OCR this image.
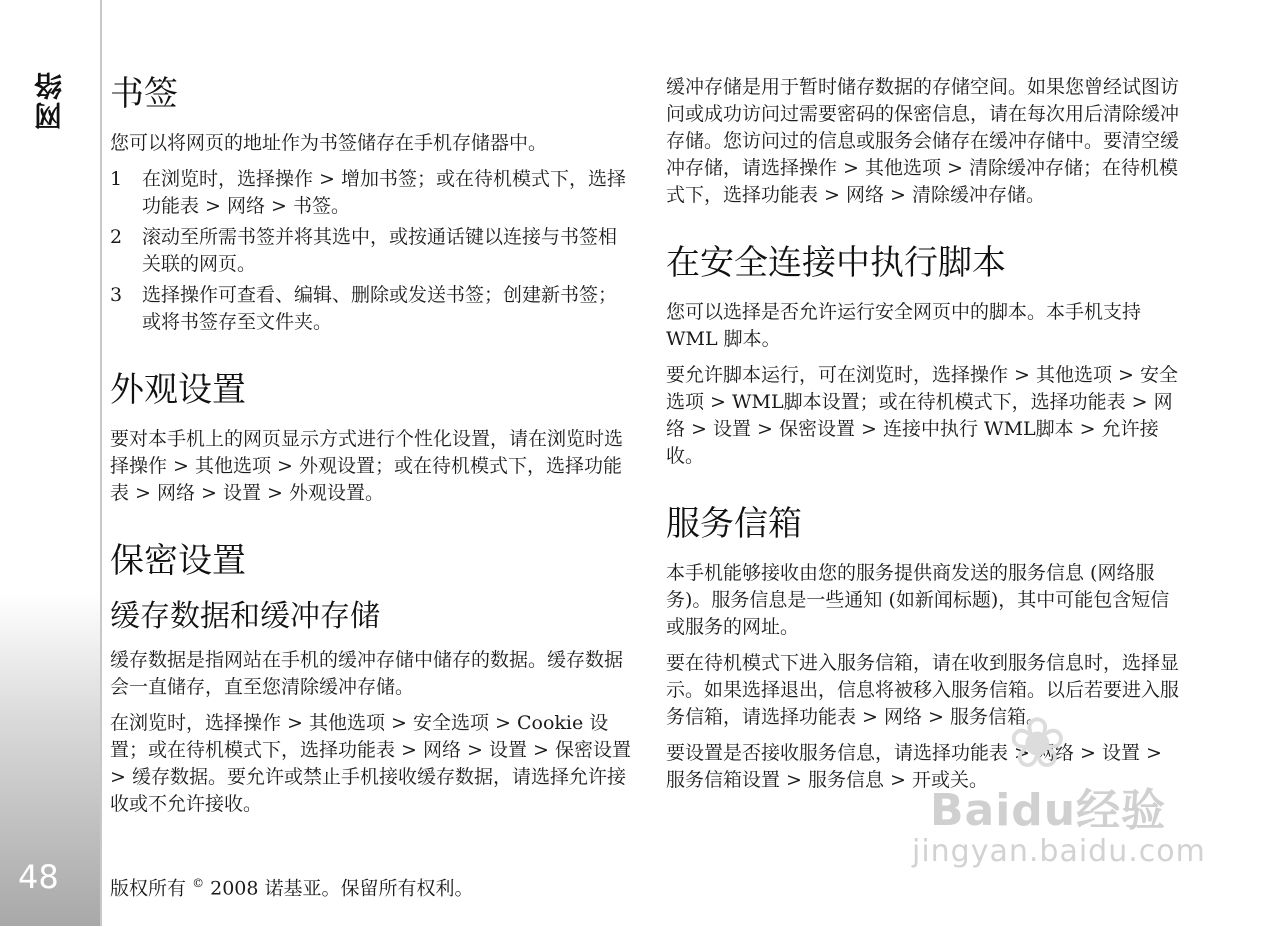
网络
48
书签

您可以将网页的地址作为书签储存在手机存储器中。

1 在浏览时，选择操作 > 增加书签；或在待机模式下，选择功能表 > 网络 > 书签。
2 滚动至所需书签并将其选中，或按通话键以连接与书签相关联的网页。
3 选择操作可查看、编辑、删除或发送书签；创建新书签；或将书签存至文件夹。
外观设置

要对本手机上的网页显示方式进行个性化设置，请在浏览时选择操作 > 其他选项 > 外观设置；或在待机模式下，选择功能表 > 网络 > 设置 > 外观设置。

保密设置
缓存数据和缓冲存储

缓存数据是指网站在手机的缓冲存储中储存的数据。缓存数据会一直储存，直至您清除缓冲存储。

在浏览时，选择操作 > 其他选项 > 安全选项 > Cookie 设置；或在待机模式下，选择功能表 > 网络 > 设置 > 保密设置 > 缓存数据。要允许或禁止手机接收缓存数据，请选择允许接收或不允许接收。

版权所有 © 2008 诺基亚。保留所有权利。

缓冲存储是用于暂时储存数据的存储空间。如果您曾经试图访问或成功访问过需要密码的保密信息，请在每次用后清除缓冲存储。您访问过的信息或服务会储存在缓冲存储中。要清空缓冲存储，请选择操作 > 其他选项 > 清除缓冲存储；在待机模式下，选择功能表 > 网络 > 清除缓冲存储。

在安全连接中执行脚本

您可以选择是否允许运行安全网页中的脚本。本手机支持 WML 脚本。

要允许脚本运行，可在浏览时，选择操作 > 其他选项 > 安全选项 > WML脚本设置；或在待机模式下，选择功能表 > 网络 > 设置 > 保密设置 > 连接中执行 WML脚本 > 允许接收。

服务信箱

本手机能够接收由您的服务提供商发送的服务信息 (网络服务)。服务信息是一些通知 (如新闻标题)，其中可能包含短信或服务的网址。

要在待机模式下进入服务信箱，请在收到服务信息时，选择显示。如果选择退出，信息将被移入服务信箱。以后若要进入服务信箱，请选择功能表 > 网络 > 服务信箱。

要设置是否接收服务信息，请选择功能表 > 网络 > 设置 > 服务信箱设置 > 服务信息 > 开或关。 ❀
Baidu经验
jingyan.baidu.com
